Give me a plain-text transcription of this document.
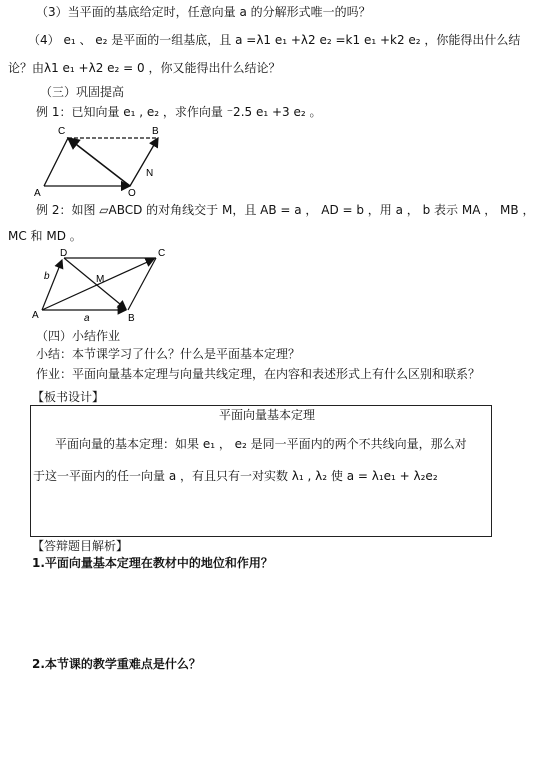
（3）当平面的基底给定时，任意向量 a 的分解形式唯一的吗？
（4） e₁ 、 e₂ 是平面的一组基底，且 a =λ1 e₁ +λ2 e₂ =k1 e₁ +k2 e₂ ，你能得出什么结
论？由λ1 e₁ +λ2 e₂ = 0 ，你又能得出什么结论？
（三）巩固提高
例 1：已知向量 e₁ , e₂ ，求作向量 ⁻2.5 e₁ +3 e₂ 。
C	B
A	O
N
例 2：如图 ▱ABCD 的对角线交于 M，且 AB = a ， AD = b ，用 a ， b 表示 MA ， MB ，
MC 和 MD 。
D	C
A	B
M
b
a
（四）小结作业
小结：本节课学习了什么？什么是平面基本定理？
作业：平面向量基本定理与向量共线定理，在内容和表述形式上有什么区别和联系？
【板书设计】
平面向量基本定理
平面向量的基本定理：如果 e₁ ， e₂ 是同一平面内的两个不共线向量，那么对
于这一平面内的任一向量 a ，有且只有一对实数 λ₁ , λ₂ 使 a = λ₁e₁ + λ₂e₂
【答辩题目解析】
1.平面向量基本定理在教材中的地位和作用？
2.本节课的教学重难点是什么？
